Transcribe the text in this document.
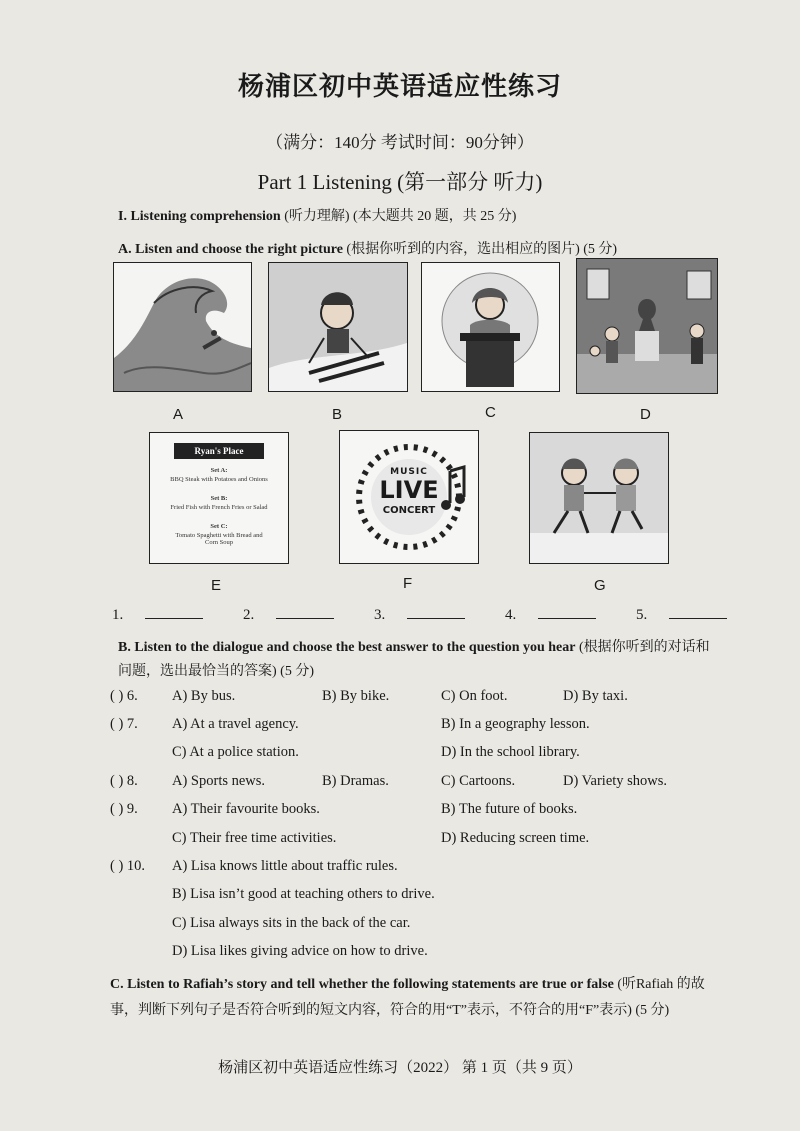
杨浦区初中英语适应性练习
（满分：140分 考试时间：90分钟）
Part 1 Listening (第一部分 听力)
I. Listening comprehension (听力理解) (本大题共 20 题，共 25 分)
A. Listen and choose the right picture (根据你听到的内容，选出相应的图片) (5 分)
Ryan's Place
Set A:
BBQ Steak with Potatoes and Onions
Set B:
Fried Fish with French Fries or Salad
Set C:
Tomato Spaghetti with Bread and Corn Soup
MUSIC
LIVE
CONCERT
A	B	C	D
E	F	G
1.	2.	3.	4.	5.
B. Listen to the dialogue and choose the best answer to the question you hear (根据你听到的对话和问题，选出最恰当的答案) (5 分)
( ) 6. A) By bus.	B) By bike.	C) On foot.	D) By taxi.
( ) 7. A) At a travel agency.	B) In a geography lesson.
C) At a police station.	D) In the school library.
( ) 8. A) Sports news.	B) Dramas.	C) Cartoons.	D) Variety shows.
( ) 9. A) Their favourite books.	B) The future of books.
C) Their free time activities.	D) Reducing screen time.
( ) 10. A) Lisa knows little about traffic rules.
B) Lisa isn’t good at teaching others to drive.
C) Lisa always sits in the back of the car.
D) Lisa likes giving advice on how to drive.
C. Listen to Rafiah’s story and tell whether the following statements are true or false (听Rafiah 的故事，判断下列句子是否符合听到的短文内容，符合的用“T”表示，不符合的用“F”表示) (5 分)
杨浦区初中英语适应性练习（2022） 第 1 页（共 9 页）
